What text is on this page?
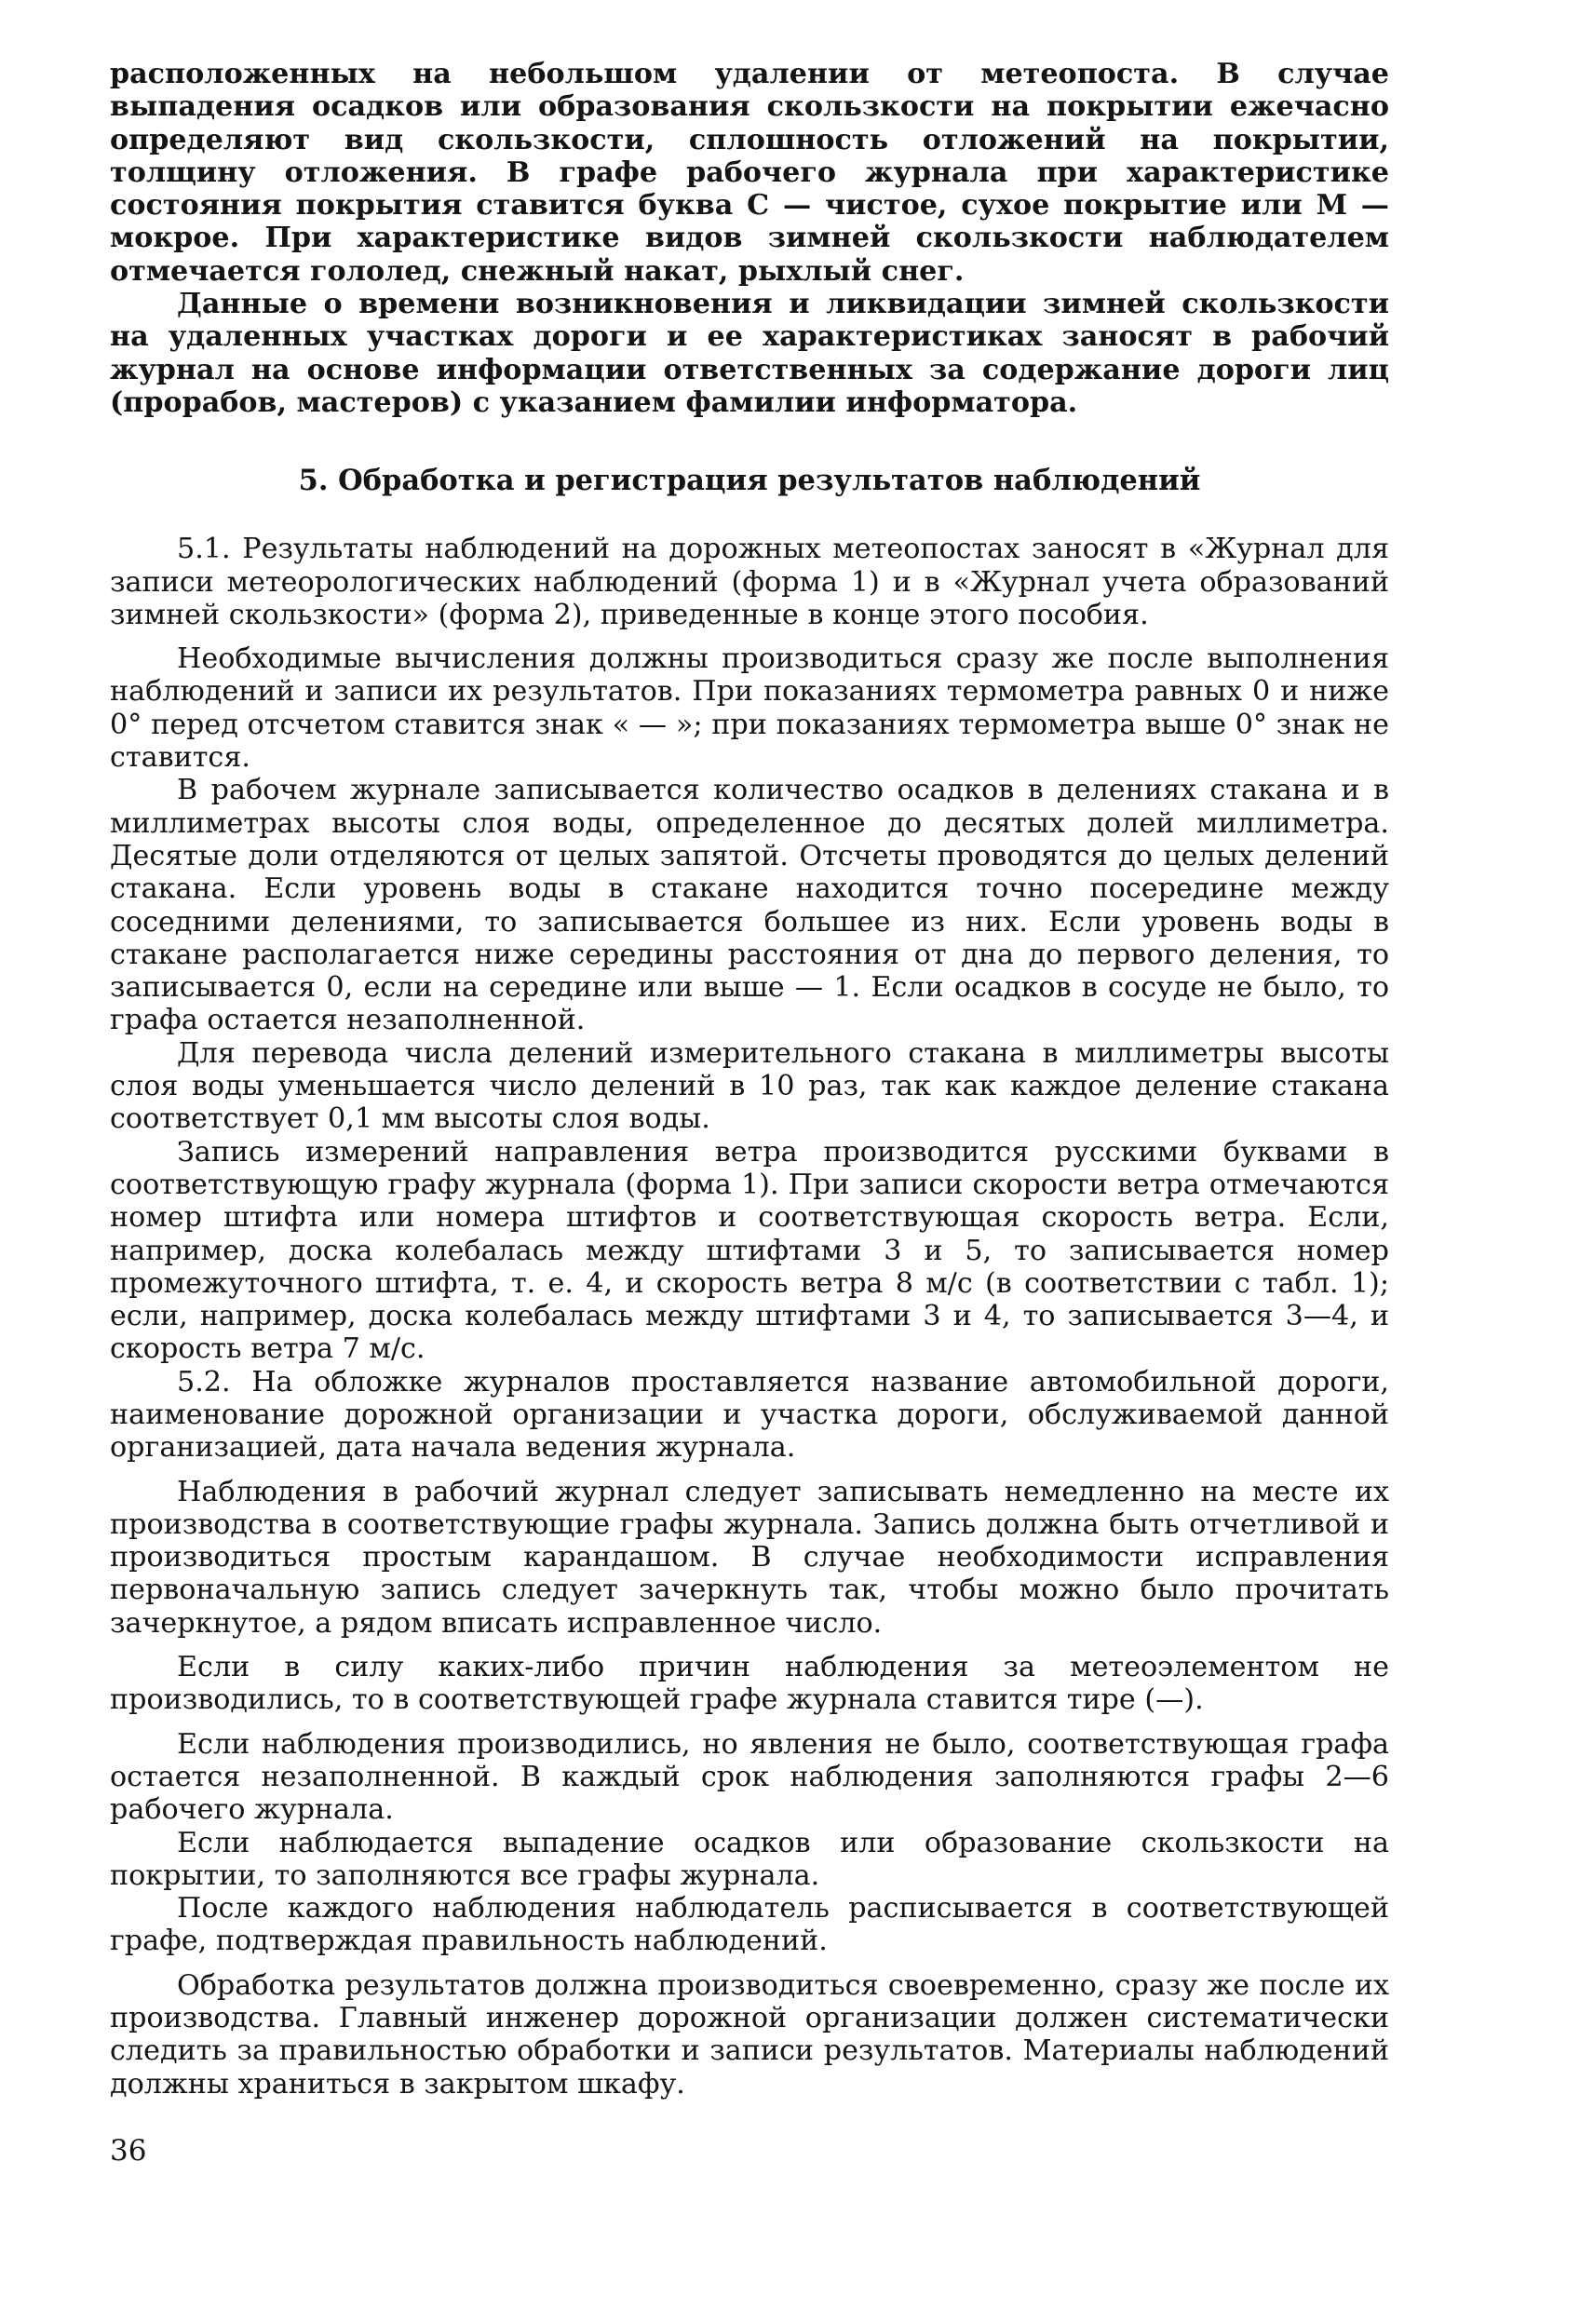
расположенных на небольшом удалении от метеопоста. В случае выпадения осадков или образования скользкости на покрытии ежечасно определяют вид скользкости, сплошность отложений на покрытии, толщину отложения. В графе рабочего журнала при характеристике состояния покрытия ставится буква С — чистое, сухое покрытие или М — мокрое. При характеристике видов зимней скользкости наблюдателем отмечается гололед, снежный накат, рыхлый снег.

Данные о времени возникновения и ликвидации зимней скользкости на удаленных участках дороги и ее характеристиках заносят в рабочий журнал на основе информации ответственных за содержание дороги лиц (прорабов, мастеров) с указанием фамилии информатора.

5. Обработка и регистрация результатов наблюдений

5.1. Результаты наблюдений на дорожных метеопостах заносят в «Журнал для записи метеорологических наблюдений (форма 1) и в «Журнал учета образований зимней скользкости» (форма 2), приведенные в конце этого пособия.

Необходимые вычисления должны производиться сразу же после выполнения наблюдений и записи их результатов. При показаниях термометра равных 0 и ниже 0° перед отсчетом ставится знак « — »; при показаниях термометра выше 0° знак не ставится.

В рабочем журнале записывается количество осадков в делениях стакана и в миллиметрах высоты слоя воды, определенное до десятых долей миллиметра. Десятые доли отделяются от целых запятой. Отсчеты проводятся до целых делений стакана. Если уровень воды в стакане находится точно посередине между соседними делениями, то записывается большее из них. Если уровень воды в стакане располагается ниже середины расстояния от дна до первого деления, то записывается 0, если на середине или выше — 1. Если осадков в сосуде не было, то графа остается незаполненной.

Для перевода числа делений измерительного стакана в миллиметры высоты слоя воды уменьшается число делений в 10 раз, так как каждое деление стакана соответствует 0,1 мм высоты слоя воды.

Запись измерений направления ветра производится русскими буквами в соответствующую графу журнала (форма 1). При записи скорости ветра отмечаются номер штифта или номера штифтов и соответствующая скорость ветра. Если, например, доска колебалась между штифтами 3 и 5, то записывается номер промежуточного штифта, т. е. 4, и скорость ветра 8 м/с (в соответствии с табл. 1); если, например, доска колебалась между штифтами 3 и 4, то записывается 3—4, и скорость ветра 7 м/с.

5.2. На обложке журналов проставляется название автомобильной дороги, наименование дорожной организации и участка дороги, обслуживаемой данной организацией, дата начала ведения журнала.

Наблюдения в рабочий журнал следует записывать немедленно на месте их производства в соответствующие графы журнала. Запись должна быть отчетливой и производиться простым карандашом. В случае необходимости исправления первоначальную запись следует зачеркнуть так, чтобы можно было прочитать зачеркнутое, а рядом вписать исправленное число.

Если в силу каких-либо причин наблюдения за метеоэлементом не производились, то в соответствующей графе журнала ставится тире (—).

Если наблюдения производились, но явления не было, соответствующая графа остается незаполненной. В каждый срок наблюдения заполняются графы 2—6 рабочего журнала.

Если наблюдается выпадение осадков или образование скользкости на покрытии, то заполняются все графы журнала.

После каждого наблюдения наблюдатель расписывается в соответствующей графе, подтверждая правильность наблюдений.

Обработка результатов должна производиться своевременно, сразу же после их производства. Главный инженер дорожной организации должен систематически следить за правильностью обработки и записи результатов. Материалы наблюдений должны храниться в закрытом шкафу.

36
